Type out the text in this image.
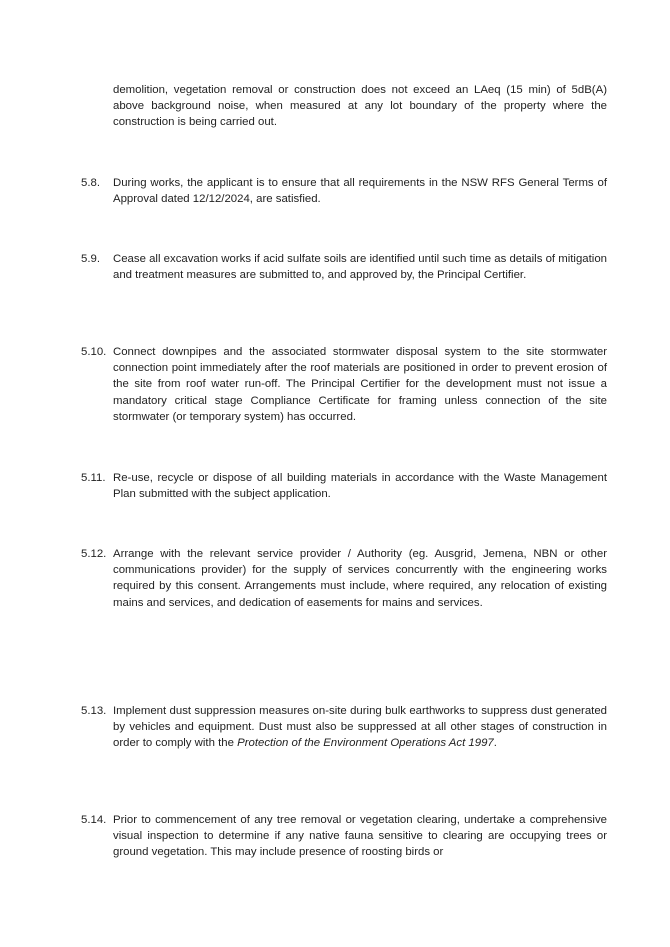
demolition, vegetation removal or construction does not exceed an LAeq (15 min) of 5dB(A) above background noise, when measured at any lot boundary of the property where the construction is being carried out.
5.8.	During works, the applicant is to ensure that all requirements in the NSW RFS General Terms of Approval dated 12/12/2024, are satisfied.
5.9.	Cease all excavation works if acid sulfate soils are identified until such time as details of mitigation and treatment measures are submitted to, and approved by, the Principal Certifier.
5.10. Connect downpipes and the associated stormwater disposal system to the site stormwater connection point immediately after the roof materials are positioned in order to prevent erosion of the site from roof water run-off. The Principal Certifier for the development must not issue a mandatory critical stage Compliance Certificate for framing unless connection of the site stormwater (or temporary system) has occurred.
5.11. Re-use, recycle or dispose of all building materials in accordance with the Waste Management Plan submitted with the subject application.
5.12. Arrange with the relevant service provider / Authority (eg. Ausgrid, Jemena, NBN or other communications provider) for the supply of services concurrently with the engineering works required by this consent. Arrangements must include, where required, any relocation of existing mains and services, and dedication of easements for mains and services.
5.13. Implement dust suppression measures on-site during bulk earthworks to suppress dust generated by vehicles and equipment. Dust must also be suppressed at all other stages of construction in order to comply with the Protection of the Environment Operations Act 1997.
5.14. Prior to commencement of any tree removal or vegetation clearing, undertake a comprehensive visual inspection to determine if any native fauna sensitive to clearing are occupying trees or ground vegetation. This may include presence of roosting birds or
